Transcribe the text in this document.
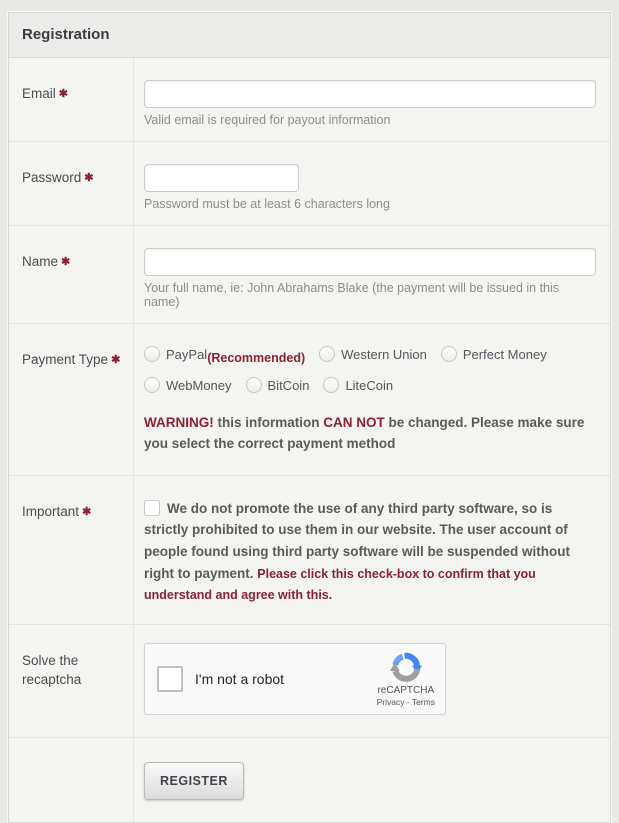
Registration
Email ✱
Valid email is required for payout information
Password ✱
Password must be at least 6 characters long
Name ✱
Your full name, ie: John Abrahams Blake (the payment will be issued in this name)
Payment Type ✱	PayPal (Recommended)	Western Union	Perfect Money
WebMoney	BitCoin	LiteCoin
WARNING! this information CAN NOT be changed. Please make sure you select the correct payment method
Important ✱	We do not promote the use of any third party software, so is strictly prohibited to use them in our website. The user account of people found using third party software will be suspended without right to payment. Please click this check-box to confirm that you understand and agree with this.
Solve the recaptcha	I'm not a robot
reCAPTCHA
Privacy - Terms
REGISTER
